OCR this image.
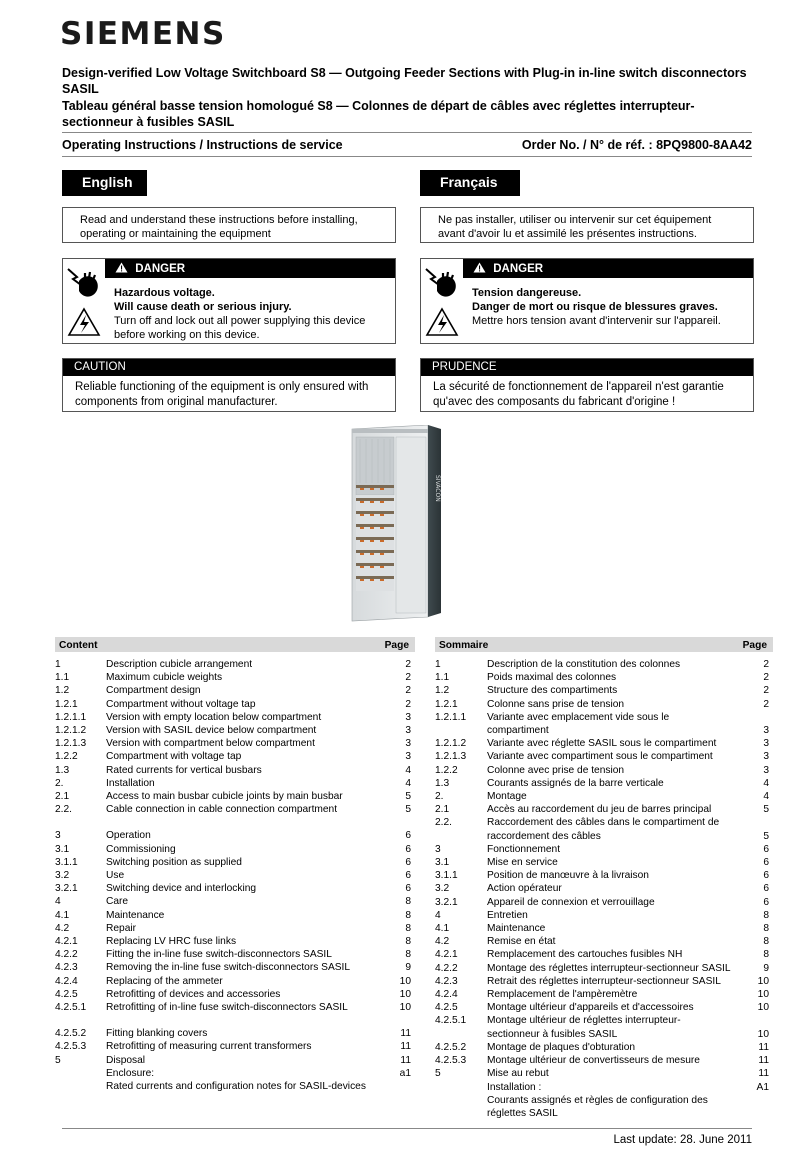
SIEMENS

Design-verified Low Voltage Switchboard S8 — Outgoing Feeder Sections with Plug-in in-line switch disconnectors SASIL

Tableau général basse tension homologué S8 — Colonnes de départ de câbles avec réglettes interrupteur-sectionneur à fusibles SASIL

Operating Instructions / Instructions de service	Order No. / N° de réf. : 8PQ9800-8AA42
English	Français
Read and understand these instructions before installing,
operating or maintaining the equipment
Ne pas installer, utiliser ou intervenir sur cet équipement
avant d'avoir lu et assimilé les présentes instructions.
DANGER
Hazardous voltage.
Will cause death or serious injury.
Turn off and lock out all power supplying this device before working on this device.
DANGER
Tension dangereuse.
Danger de mort ou risque de blessures graves.
Mettre hors tension avant d'intervenir sur l'appareil.
CAUTION
Reliable functioning of the equipment is only ensured with components from original manufacturer.
PRUDENCE
La sécurité de fonctionnement de l'appareil n'est garantie qu'avec des composants du fabricant d'origine !
SIVACON
Content	Page
1	Description cubicle arrangement	2
1.1	Maximum cubicle weights	2
1.2	Compartment design	2
1.2.1	Compartment without voltage tap	2
1.2.1.1 Version with empty location below compartment	3
1.2.1.2 Version with SASIL device below compartment	3
1.2.1.3 Version with compartment below compartment	3
1.2.2	Compartment with voltage tap	3
1.3	Rated currents for vertical busbars	4
2.	Installation	4
2.1	Access to main busbar cubicle joints by main busbar	5
2.2.	Cable connection in cable connection compartment	5
3	Operation	6
3.1	Commissioning	6
3.1.1	Switching position as supplied	6
3.2	Use	6
3.2.1	Switching device and interlocking	6
4	Care	8
4.1	Maintenance	8
4.2	Repair	8
4.2.1	Replacing LV HRC fuse links	8
4.2.2	Fitting the in-line fuse switch-disconnectors SASIL	8
4.2.3	Removing the in-line fuse switch-disconnectors SASIL	9
4.2.4	Replacing of the ammeter	10
4.2.5	Retrofitting of devices and accessories	10
4.2.5.1 Retrofitting of in-line fuse switch-disconnectors SASIL	10
4.2.5.2 Fitting blanking covers	11
4.2.5.3 Retrofitting of measuring current transformers	11
5	Disposal	11
Enclosure:	a1
Rated currents and configuration notes for SASIL-devices
Sommaire	Page
1	Description de la constitution des colonnes	2
1.1	Poids maximal des colonnes	2
1.2	Structure des compartiments	2
1.2.1	Colonne sans prise de tension	2
1.2.1.1 Variante avec emplacement vide sous le compartiment	3
1.2.1.2 Variante avec réglette SASIL sous le compartiment	3
1.2.1.3 Variante avec compartiment sous le compartiment	3
1.2.2	Colonne avec prise de tension	3
1.3	Courants assignés de la barre verticale	4
2.	Montage	4
2.1	Accès au raccordement du jeu de barres principal	5
2.2.	Raccordement des câbles dans le compartiment de raccordement des câbles	5
3	Fonctionnement	6
3.1	Mise en service	6
3.1.1	Position de manœuvre à la livraison	6
3.2	Action opérateur	6
3.2.1	Appareil de connexion et verrouillage	6
4	Entretien	8
4.1	Maintenance	8
4.2	Remise en état	8
4.2.1	Remplacement des cartouches fusibles NH	8
4.2.2	Montage des réglettes interrupteur-sectionneur SASIL	9
4.2.3	Retrait des réglettes interrupteur-sectionneur SASIL	10
4.2.4	Remplacement de l'ampèremètre	10
4.2.5	Montage ultérieur d'appareils et d'accessoires	10
4.2.5.1 Montage ultérieur de réglettes interrupteur-sectionneur à fusibles SASIL	10
4.2.5.2 Montage de plaques d'obturation	11
4.2.5.3 Montage ultérieur de convertisseurs de mesure	11
5	Mise au rebut	11
Installation :	A1
Courants assignés et règles de configuration des réglettes SASIL
Last update: 28. June 2011
